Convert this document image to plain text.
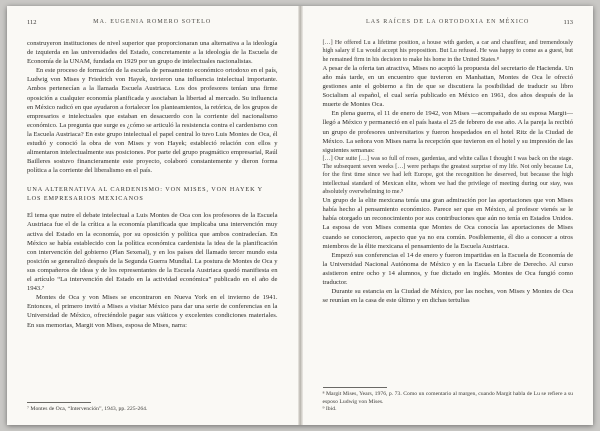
112	MA. EUGENIA ROMERO SOTELO

construyeron instituciones de nivel superior que proporcionaran una alternativa a la ideología de izquierda en las universidades del Estado, concretamente a la ideología de la Escuela de Economía de la UNAM, fundada en 1929 por un grupo de intelectuales nacionalistas.

En este proceso de formación de la escuela de pensamiento económico ortodoxo en el país, Ludwig von Mises y Friedrich von Hayek, tuvieron una influencia intelectual importante. Ambos pertenecían a la llamada Escuela Austriaca. Los dos profesores tenían una firme oposición a cualquier economía planificada y asociaban la libertad al mercado. Su influencia en México radicó en que ayudaron a fortalecer los planteamientos, la retórica, de los grupos de empresarios e intelectuales que estaban en desacuerdo con la corriente del nacionalismo económico. La pregunta que surge es ¿cómo se articuló la resistencia contra el cardenismo con la Escuela Austriaca? En este grupo intelectual el papel central lo tuvo Luis Montes de Oca, él estudió y conoció la obra de von Mises y von Hayek; estableció relación con ellos y alimentaron intelectualmente sus posiciones. Por parte del grupo pragmático empresarial, Raúl Bailleres sostuvo financieramente este proyecto, colaboró constantemente y dieron forma política a la corriente del liberalismo en el país.

UNA ALTERNATIVA AL CARDENISMO: VON MISES, VON HAYEK Y LOS EMPRESARIOS MEXICANOS

El tema que nutre el debate intelectual a Luis Montes de Oca con los profesores de la Escuela Austriaca fue el de la crítica a la economía planificada que implicaba una intervención muy activa del Estado en la economía, por su oposición y política que ambos contradecían. En México se había establecido con la política económica cardenista la idea de la planificación con intervención del gobierno (Plan Sexenal), y en los países del llamado tercer mundo esta posición se generalizó después de la Segunda Guerra Mundial. La postura de Montes de Oca y sus compañeros de ideas y de los representantes de la Escuela Austriaca quedó manifiesta en el artículo “La intervención del Estado en la actividad económica” publicado en el año de 1943.⁷

Montes de Oca y von Mises se encontraron en Nueva York en el invierno de 1941. Entonces, el primero invitó a Mises a visitar México para dar una serie de conferencias en la Universidad de México, ofreciéndole pagar sus viáticos y excelentes condiciones materiales. En sus memorias, Margit von Mises, esposa de Mises, narra:

⁷ Montes de Oca, “Intervención”, 1943, pp. 225-264.

LAS RAÍCES DE LA ORTODOXIA EN MÉXICO	113

[…] He offered Lu a lifetime position, a house with garden, a car and chauffeur, and tremendously high salary if Lu would accept his proposition. But Lu refused. He was happy to come as a guest, but he remained firm in his decision to make his home in the United States.⁸

A pesar de la oferta tan atractiva, Mises no aceptó la propuesta del secretario de Hacienda. Un año más tarde, en un encuentro que tuvieron en Manhattan, Montes de Oca le ofreció gestiones ante el gobierno a fin de que se discutiera la posibilidad de traducir su libro Socialism al español, el cual sería publicado en México en 1961, dos años después de la muerte de Montes Oca.

En plena guerra, el 11 de enero de 1942, von Mises —acompañado de su esposa Margit— llegó a México y permaneció en el país hasta el 25 de febrero de ese año. A la pareja la recibió un grupo de profesores universitarios y fueron hospedados en el hotel Ritz de la Ciudad de México. La señora von Mises narra la recepción que tuvieron en el hotel y su impresión de las siguientes semanas:

[…] Our suite […] was so full of roses, gardenias, and white callas I thought I was back on the stage. The subsequent seven weeks […] were perhaps the greatest surprise of my life. Not only because Lu, for the first time since we had left Europe, got the recognition he deserved, but because the high intellectual standard of Mexican elite, whom we had the privilege of meeting during our stay, was absolutely overwhelming to me.⁹

Un grupo de la elite mexicana tenía una gran admiración por las aportaciones que von Mises había hecho al pensamiento económico. Parece ser que en México, al profesor vienés se le había otorgado un reconocimiento por sus contribuciones que aún no tenía en Estados Unidos. La esposa de von Mises comenta que Montes de Oca conocía las aportaciones de Mises cuando se conocieron, aspecto que ya no era común. Posiblemente, él dio a conocer a otros miembros de la élite mexicana el pensamiento de la Escuela Austriaca.

Empezó sus conferencias el 14 de enero y fueron impartidas en la Escuela de Economía de la Universidad Nacional Autónoma de México y en la Escuela Libre de Derecho. Al curso asistieron entre ocho y 14 alumnos, y fue dictado en inglés. Montes de Oca fungió como traductor.

Durante su estancia en la Ciudad de México, por las noches, von Mises y Montes de Oca se reunían en la casa de este último y en dichas tertulias

⁸ Margit Mises, Years, 1976, p. 73. Como un comentario al margen, cuando Margit habla de Lu se refiere a su esposo Ludwig von Mises.

⁹ Ibid.
